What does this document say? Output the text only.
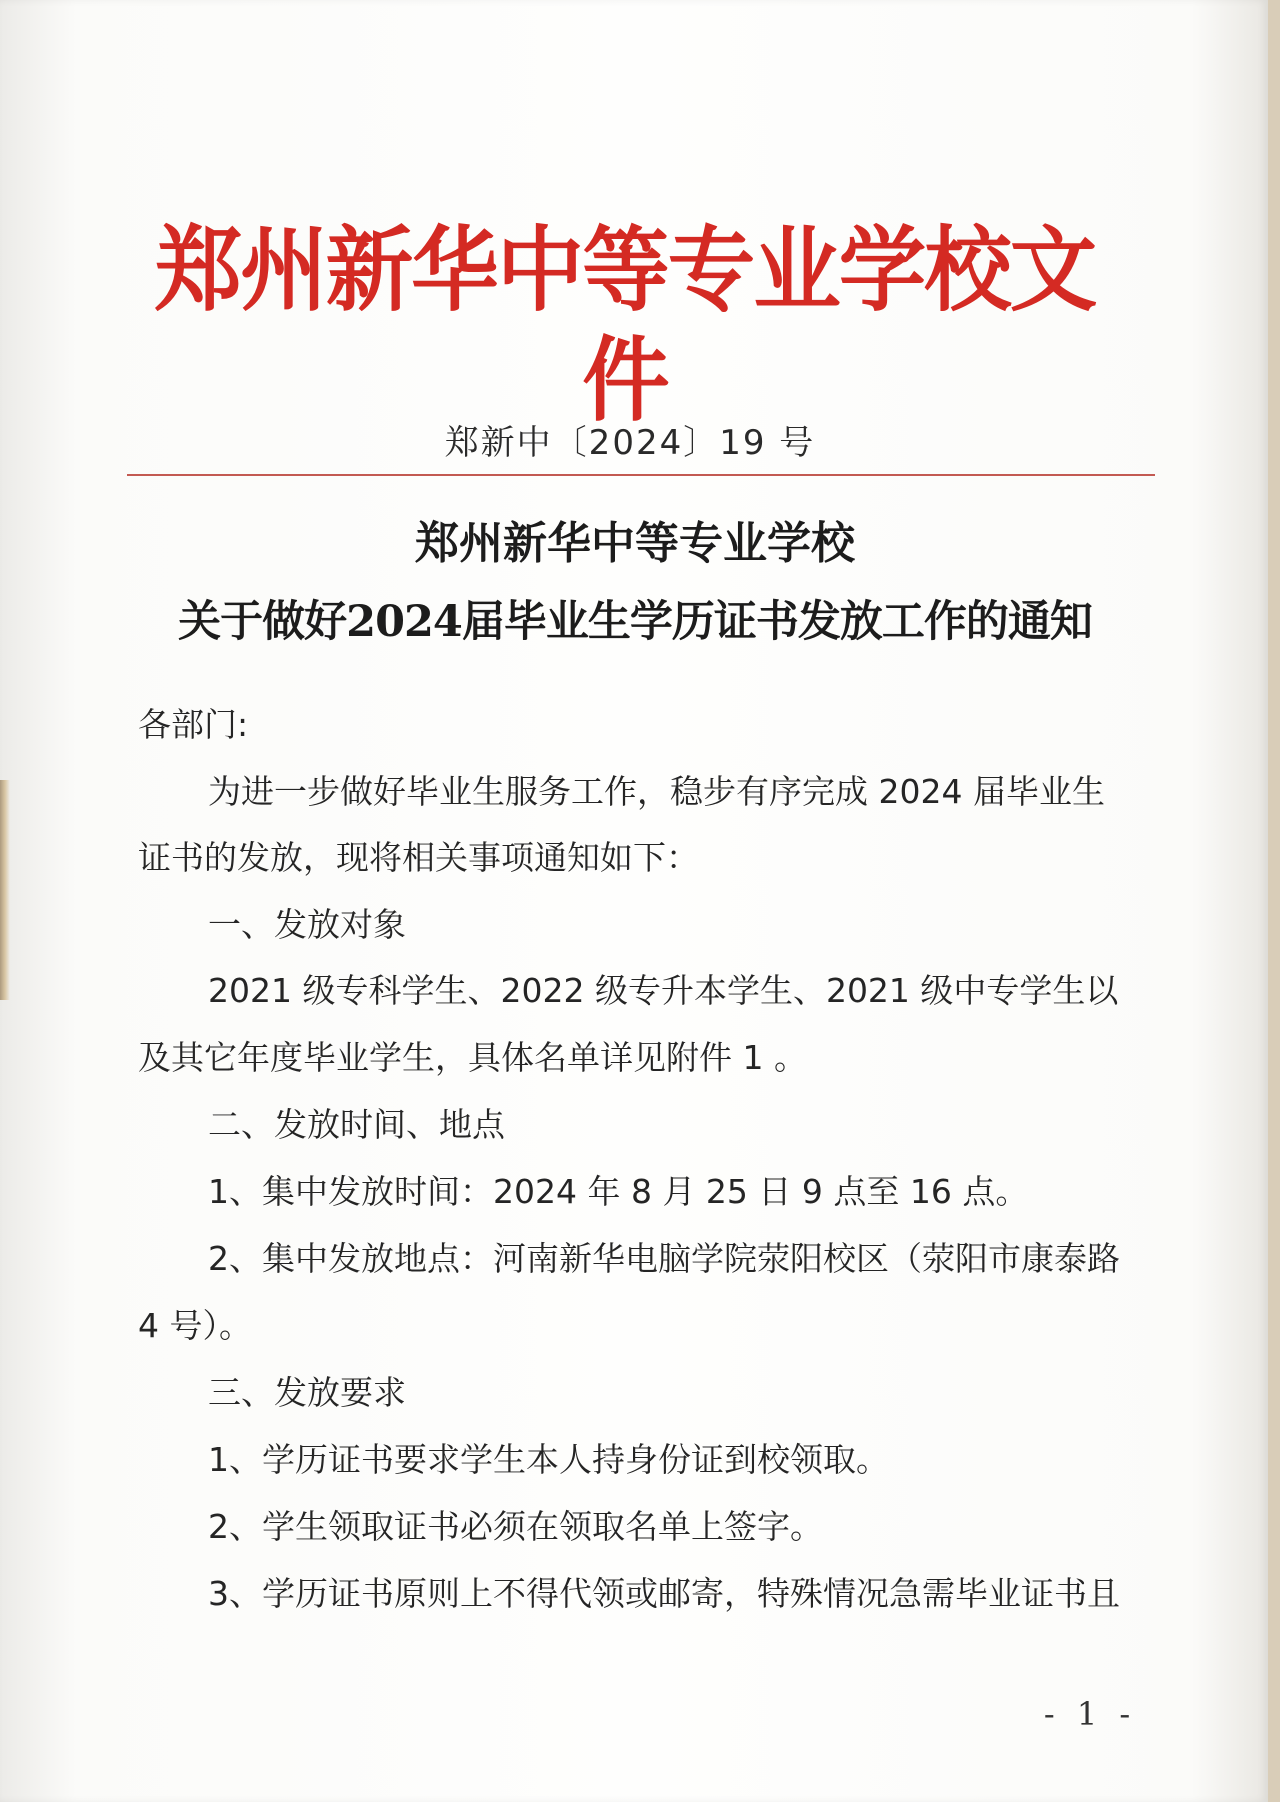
郑州新华中等专业学校文件
郑新中〔2024〕19 号
郑州新华中等专业学校
关于做好2024届毕业生学历证书发放工作的通知
各部门:
为进一步做好毕业生服务工作，稳步有序完成 2024 届毕业生
证书的发放，现将相关事项通知如下：
一、发放对象
2021 级专科学生、2022 级专升本学生、2021 级中专学生以
及其它年度毕业学生，具体名单详见附件 1 。
二、发放时间、地点
1、集中发放时间：2024 年 8 月 25 日 9 点至 16 点。
2、集中发放地点：河南新华电脑学院荥阳校区（荥阳市康泰路
4 号）。
三、发放要求
1、学历证书要求学生本人持身份证到校领取。
2、学生领取证书必须在领取名单上签字。
3、学历证书原则上不得代领或邮寄，特殊情况急需毕业证书且
- 1 -
